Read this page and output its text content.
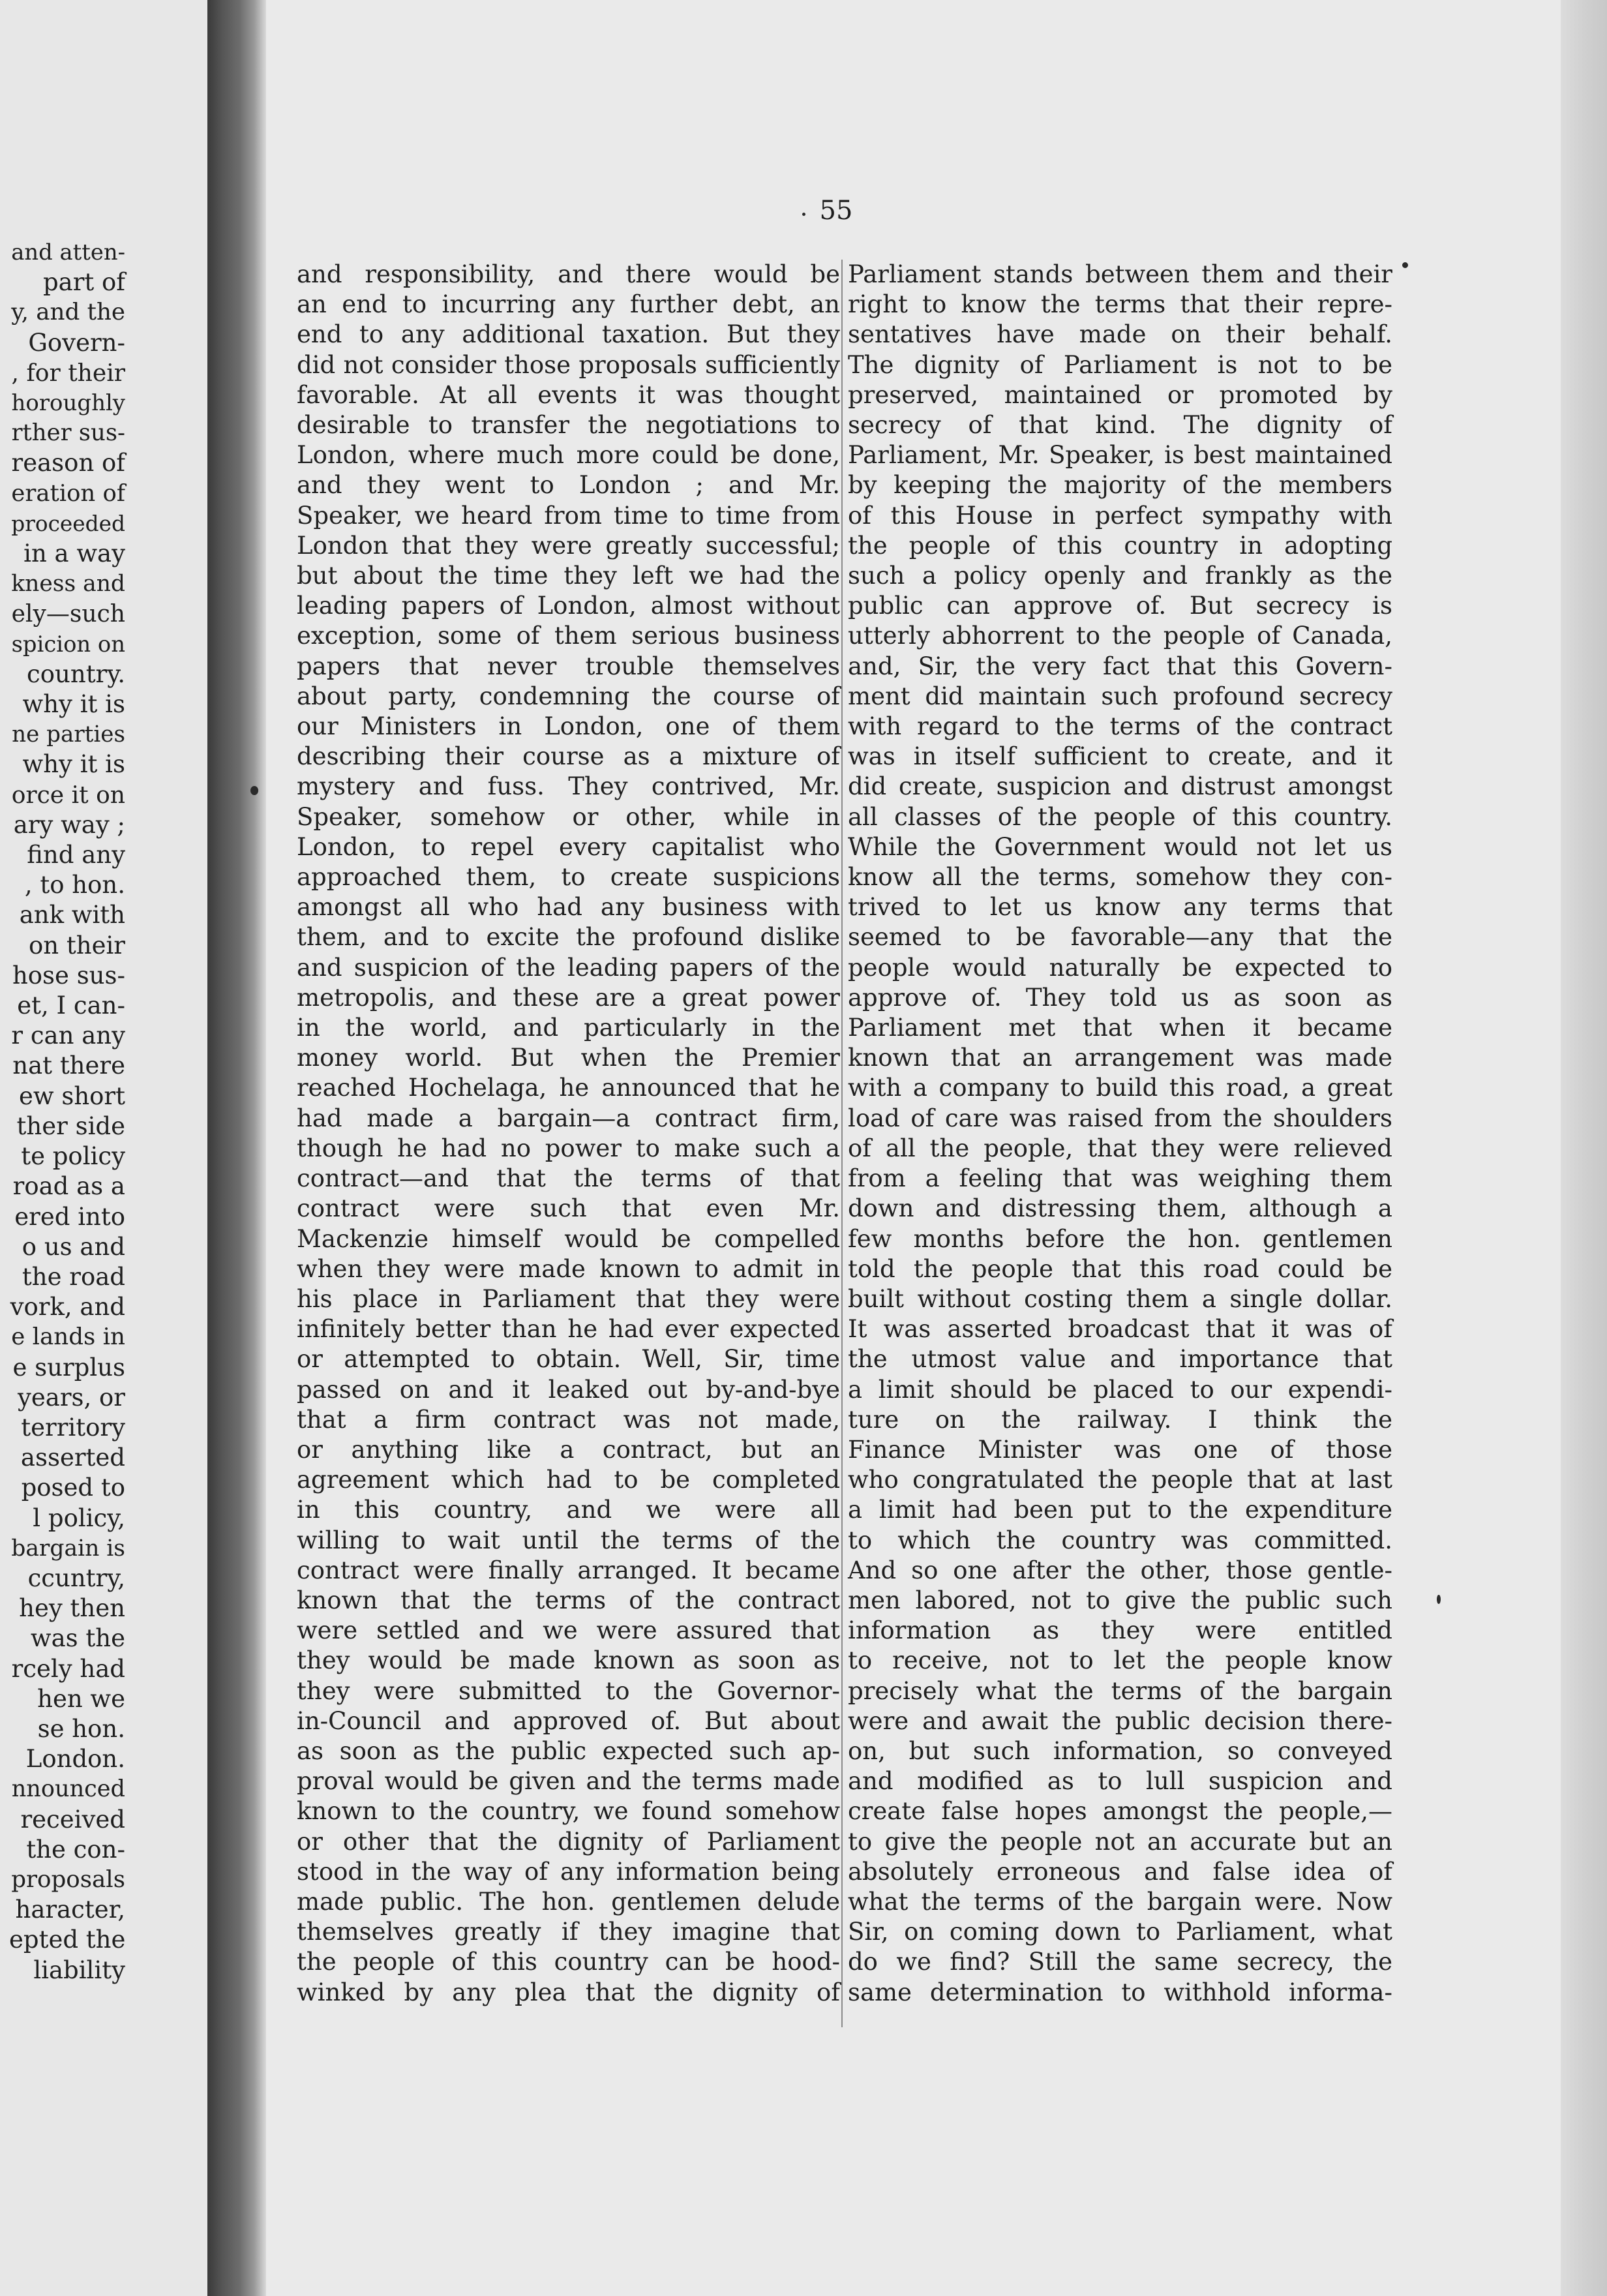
and atten-
part of
y, and the
Govern-
, for their
horoughly
rther sus-
reason of
eration of
proceeded
in a way
kness and
ely—such
spicion on
country.
why it is
ne parties
why it is
orce it on
ary way ;
find any
, to hon.
ank with
on their
hose sus-
et, I can-
r can any
nat there
ew short
ther side
te policy
road as a
ered into
o us and
the road
vork, and
e lands in
e surplus
years, or
territory
asserted
posed to
l policy,
bargain is
ccuntry,
hey then
was the
rcely had
hen we
se hon.
London.
nnounced
received
the con-
proposals
haracter,
epted the
liability
55
and responsibility, and there would be
an end to incurring any further debt, an
end to any additional taxation. But they
did not consider those proposals sufficiently
favorable. At all events it was thought
desirable to transfer the negotiations to
London, where much more could be done,
and they went to London ; and Mr.
Speaker, we heard from time to time from
London that they were greatly successful;
but about the time they left we had the
leading papers of London, almost without
exception, some of them serious business
papers that never trouble themselves
about party, condemning the course of
our Ministers in London, one of them
describing their course as a mixture of
mystery and fuss. They contrived, Mr.
Speaker, somehow or other, while in
London, to repel every capitalist who
approached them, to create suspicions
amongst all who had any business with
them, and to excite the profound dislike
and suspicion of the leading papers of the
metropolis, and these are a great power
in the world, and particularly in the
money world. But when the Premier
reached Hochelaga, he announced that he
had made a bargain—a contract firm,
though he had no power to make such a
contract—and that the terms of that
contract were such that even Mr.
Mackenzie himself would be compelled
when they were made known to admit in
his place in Parliament that they were
infinitely better than he had ever expected
or attempted to obtain. Well, Sir, time
passed on and it leaked out by-and-bye
that a firm contract was not made,
or anything like a contract, but an
agreement which had to be completed
in this country, and we were all
willing to wait until the terms of the
contract were finally arranged. It became
known that the terms of the contract
were settled and we were assured that
they would be made known as soon as
they were submitted to the Governor-
in-Council and approved of. But about
as soon as the public expected such ap-
proval would be given and the terms made
known to the country, we found somehow
or other that the dignity of Parliament
stood in the way of any information being
made public. The hon. gentlemen delude
themselves greatly if they imagine that
the people of this country can be hood-
winked by any plea that the dignity of
Parliament stands between them and their
right to know the terms that their repre-
sentatives have made on their behalf.
The dignity of Parliament is not to be
preserved, maintained or promoted by
secrecy of that kind. The dignity of
Parliament, Mr. Speaker, is best maintained
by keeping the majority of the members
of this House in perfect sympathy with
the people of this country in adopting
such a policy openly and frankly as the
public can approve of. But secrecy is
utterly abhorrent to the people of Canada,
and, Sir, the very fact that this Govern-
ment did maintain such profound secrecy
with regard to the terms of the contract
was in itself sufficient to create, and it
did create, suspicion and distrust amongst
all classes of the people of this country.
While the Government would not let us
know all the terms, somehow they con-
trived to let us know any terms that
seemed to be favorable—any that the
people would naturally be expected to
approve of. They told us as soon as
Parliament met that when it became
known that an arrangement was made
with a company to build this road, a great
load of care was raised from the shoulders
of all the people, that they were relieved
from a feeling that was weighing them
down and distressing them, although a
few months before the hon. gentlemen
told the people that this road could be
built without costing them a single dollar.
It was asserted broadcast that it was of
the utmost value and importance that
a limit should be placed to our expendi-
ture on the railway. I think the
Finance Minister was one of those
who congratulated the people that at last
a limit had been put to the expenditure
to which the country was committed.
And so one after the other, those gentle-
men labored, not to give the public such
information as they were entitled
to receive, not to let the people know
precisely what the terms of the bargain
were and await the public decision there-
on, but such information, so conveyed
and modified as to lull suspicion and
create false hopes amongst the people,—
to give the people not an accurate but an
absolutely erroneous and false idea of
what the terms of the bargain were. Now
Sir, on coming down to Parliament, what
do we find? Still the same secrecy, the
same determination to withhold informa-
